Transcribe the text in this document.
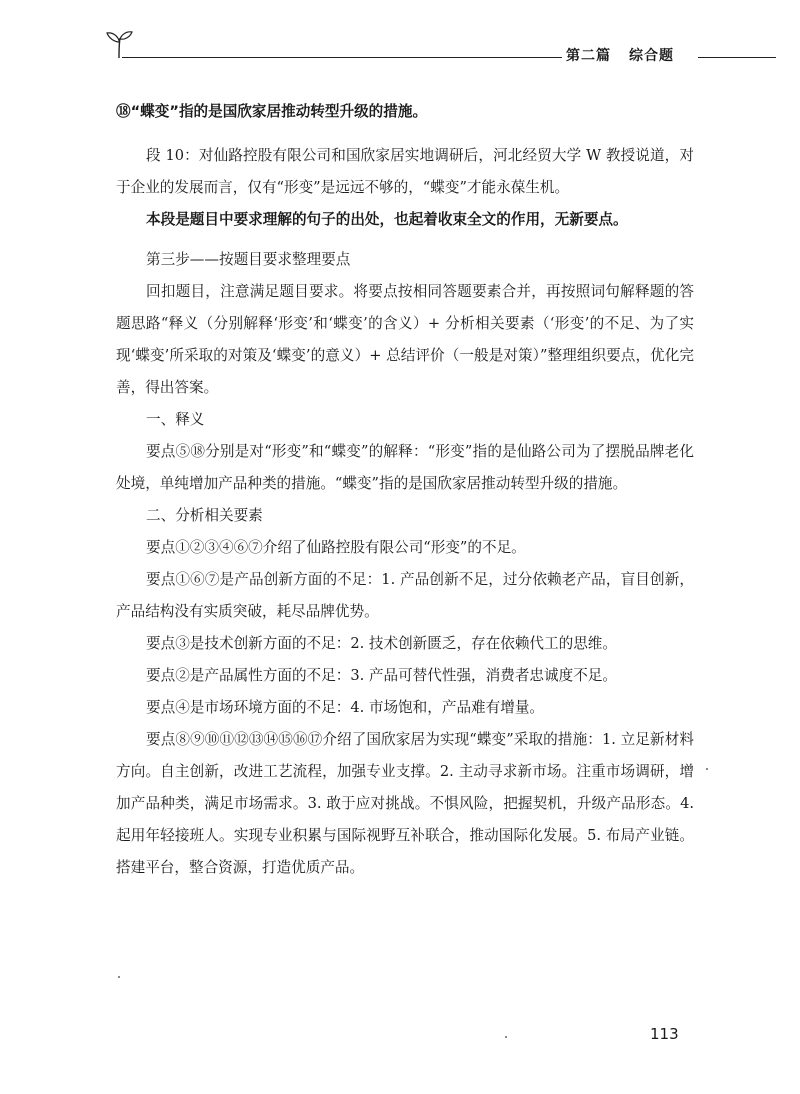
第二篇 综合题

⑱“蝶变”指的是国欣家居推动转型升级的措施。

段 10：对仙路控股有限公司和国欣家居实地调研后，河北经贸大学 W 教授说道，对于企业的发展而言，仅有“形变”是远远不够的，“蝶变”才能永葆生机。

本段是题目中要求理解的句子的出处，也起着收束全文的作用，无新要点。

第三步——按题目要求整理要点

回扣题目，注意满足题目要求。将要点按相同答题要素合并，再按照词句解释题的答题思路“释义（分别解释‘形变’和‘蝶变’的含义）+ 分析相关要素（‘形变’的不足、为了实现‘蝶变’所采取的对策及‘蝶变’的意义）+ 总结评价（一般是对策）”整理组织要点，优化完善，得出答案。

一、释义

要点⑤⑱分别是对“形变”和“蝶变”的解释：“形变”指的是仙路公司为了摆脱品牌老化处境，单纯增加产品种类的措施。“蝶变”指的是国欣家居推动转型升级的措施。

二、分析相关要素

要点①②③④⑥⑦介绍了仙路控股有限公司“形变”的不足。

要点①⑥⑦是产品创新方面的不足：1. 产品创新不足，过分依赖老产品，盲目创新，产品结构没有实质突破，耗尽品牌优势。

要点③是技术创新方面的不足：2. 技术创新匮乏，存在依赖代工的思维。

要点②是产品属性方面的不足：3. 产品可替代性强，消费者忠诚度不足。

要点④是市场环境方面的不足：4. 市场饱和，产品难有增量。

要点⑧⑨⑩⑪⑫⑬⑭⑮⑯⑰介绍了国欣家居为实现“蝶变”采取的措施：1. 立足新材料方向。自主创新，改进工艺流程，加强专业支撑。2. 主动寻求新市场。注重市场调研，增加产品种类，满足市场需求。3. 敢于应对挑战。不惧风险，把握契机，升级产品形态。4. 起用年轻接班人。实现专业积累与国际视野互补联合，推动国际化发展。5. 布局产业链。搭建平台，整合资源，打造优质产品。

113
